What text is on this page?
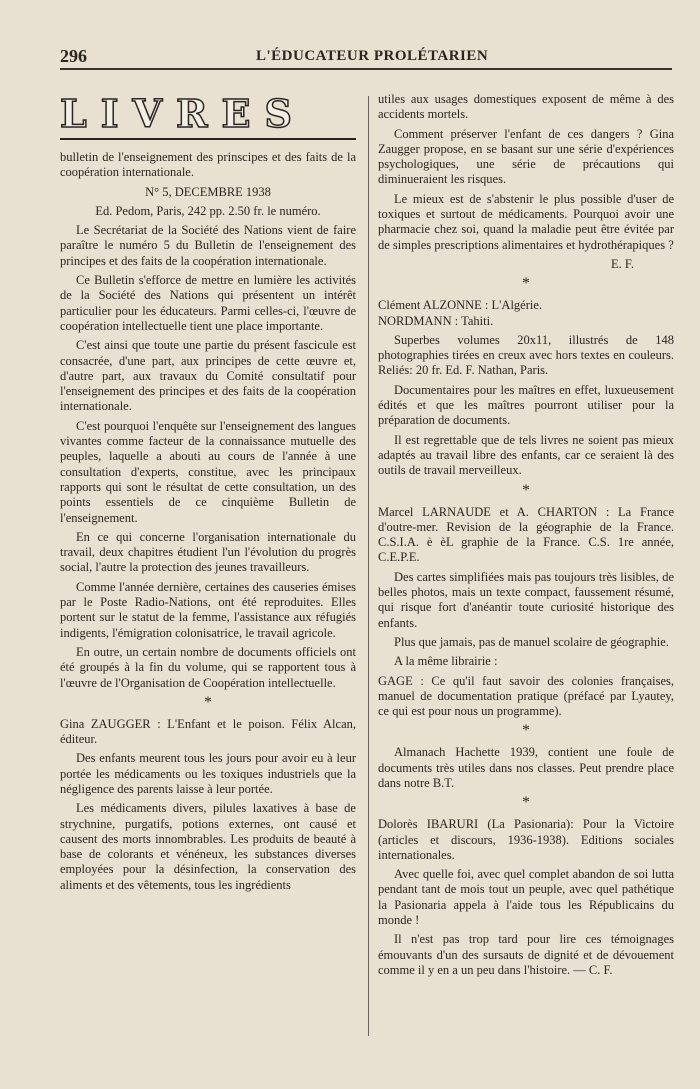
296	L'ÉDUCATEUR PROLÉTARIEN
LIVRES

bulletin de l'enseignement des prinscipes et des faits de la coopération internationale.

N° 5, DECEMBRE 1938

Ed. Pedom, Paris, 242 pp. 2.50 fr. le numéro.

Le Secrétariat de la Société des Nations vient de faire paraître le numéro 5 du Bulletin de l'enseignement des principes et des faits de la coopération internationale.

Ce Bulletin s'efforce de mettre en lumière les activités de la Société des Nations qui présentent un intérêt particulier pour les éducateurs. Parmi celles-ci, l'œuvre de coopération intellectuelle tient une place importante.

C'est ainsi que toute une partie du présent fascicule est consacrée, d'une part, aux principes de cette œuvre et, d'autre part, aux travaux du Comité consultatif pour l'enseignement des principes et des faits de la coopération internationale.

C'est pourquoi l'enquête sur l'enseignement des langues vivantes comme facteur de la connaissance mutuelle des peuples, laquelle a abouti au cours de l'année à une consultation d'experts, constitue, avec les principaux rapports qui sont le résultat de cette consultation, un des points essentiels de ce cinquième Bulletin de l'enseignement.

En ce qui concerne l'organisation internationale du travail, deux chapitres étudient l'un l'évolution du progrès social, l'autre la protection des jeunes travailleurs.

Comme l'année dernière, certaines des causeries émises par le Poste Radio-Nations, ont été reproduites. Elles portent sur le statut de la femme, l'assistance aux réfugiés indigents, l'émigration colonisatrice, le travail agricole.

En outre, un certain nombre de documents officiels ont été groupés à la fin du volume, qui se rapportent tous à l'œuvre de l'Organisation de Coopération intellectuelle.

*

Gina ZAUGGER : L'Enfant et le poison. Félix Alcan, éditeur.

Des enfants meurent tous les jours pour avoir eu à leur portée les médicaments ou les toxiques industriels que la négligence des parents laisse à leur portée.

Les médicaments divers, pilules laxatives à base de strychnine, purgatifs, potions externes, ont causé et causent des morts innombrables. Les produits de beauté à base de colorants et vénéneux, les substances diverses employées pour la désinfection, la conservation des aliments et des vêtements, tous les ingrédients

utiles aux usages domestiques exposent de même à des accidents mortels.

Comment préserver l'enfant de ces dangers ? Gina Zaugger propose, en se basant sur une série d'expériences psychologiques, une série de précautions qui diminueraient les risques.

Le mieux est de s'abstenir le plus possible d'user de toxiques et surtout de médicaments. Pourquoi avoir une pharmacie chez soi, quand la maladie peut être évitée par de simples prescriptions alimentaires et hydrothérapiques ?

E. F.

*

Clément ALZONNE : L'Algérie.

NORDMANN : Tahiti.

Superbes volumes 20x11, illustrés de 148 photographies tirées en creux avec hors textes en couleurs. Reliés: 20 fr. Ed. F. Nathan, Paris.

Documentaires pour les maîtres en effet, luxueusement édités et que les maîtres pourront utiliser pour la préparation de documents.

Il est regrettable que de tels livres ne soient pas mieux adaptés au travail libre des enfants, car ce seraient là des outils de travail merveilleux.

*

Marcel LARNAUDE et A. CHARTON : La France d'outre-mer. Revision de la géographie de la France. C.S.I.A. è èL graphie de la France. C.S. 1re année, C.E.P.E.

Des cartes simplifiées mais pas toujours très lisibles, de belles photos, mais un texte compact, faussement résumé, qui risque fort d'anéantir toute curiosité historique des enfants.

Plus que jamais, pas de manuel scolaire de géographie.

A la même librairie :

GAGE : Ce qu'il faut savoir des colonies françaises, manuel de documentation pratique (préfacé par Lyautey, ce qui est pour nous un programme).

*

Almanach Hachette 1939, contient une foule de documents très utiles dans nos classes. Peut prendre place dans notre B.T.

*

Dolorès IBARURI (La Pasionaria): Pour la Victoire (articles et discours, 1936-1938). Editions sociales internationales.

Avec quelle foi, avec quel complet abandon de soi lutta pendant tant de mois tout un peuple, avec quel pathétique la Pasionaria appela à l'aide tous les Républicains du monde !

Il n'est pas trop tard pour lire ces témoignages émouvants d'un des sursauts de dignité et de dévouement comme il y en a un peu dans l'histoire. — C. F.
